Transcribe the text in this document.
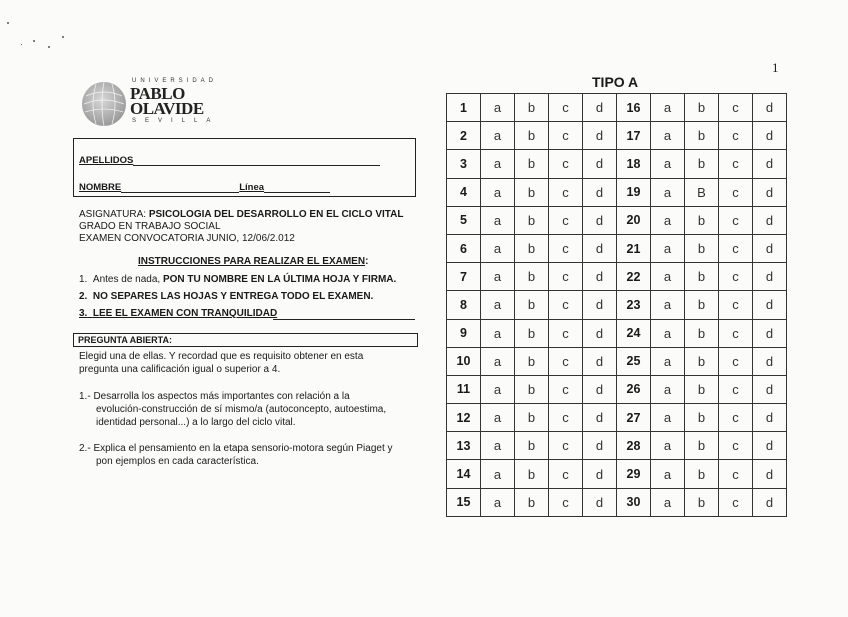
1
UNIVERSIDAD
PABLO
OLAVIDE
SEVILLA
APELLIDOS
NOMBRE	Línea
ASIGNATURA: PSICOLOGIA DEL DESARROLLO EN EL CICLO VITAL
GRADO EN TRABAJO SOCIAL
EXAMEN CONVOCATORIA JUNIO, 12/06/2.012
INSTRUCCIONES PARA REALIZAR EL EXAMEN:
1. Antes de nada, PON TU NOMBRE EN LA ÚLTIMA HOJA Y FIRMA.
2. NO SEPARES LAS HOJAS Y ENTREGA TODO EL EXAMEN.
3. LEE EL EXAMEN CON TRANQUILIDAD
PREGUNTA ABIERTA:
Elegid una de ellas. Y recordad que es requisito obtener en esta
pregunta una calificación igual o superior a 4.
1.- Desarrolla los aspectos más importantes con relación a la
evolución-construcción de sí mismo/a (autoconcepto, autoestima,
identidad personal...) a lo largo del ciclo vital.
2.- Explica el pensamiento en la etapa sensorio-motora según Piaget y
pon ejemplos en cada característica.
TIPO A
1	a	b	c	d	16	a	b	c	d
2	a	b	c	d	17	a	b	c	d
3	a	b	c	d	18	a	b	c	d
4	a	b	c	d	19	a	B	c	d
5	a	b	c	d	20	a	b	c	d
6	a	b	c	d	21	a	b	c	d
7	a	b	c	d	22	a	b	c	d
8	a	b	c	d	23	a	b	c	d
9	a	b	c	d	24	a	b	c	d
10	a	b	c	d	25	a	b	c	d
11	a	b	c	d	26	a	b	c	d
12	a	b	c	d	27	a	b	c	d
13	a	b	c	d	28	a	b	c	d
14	a	b	c	d	29	a	b	c	d
15	a	b	c	d	30	a	b	c	d
